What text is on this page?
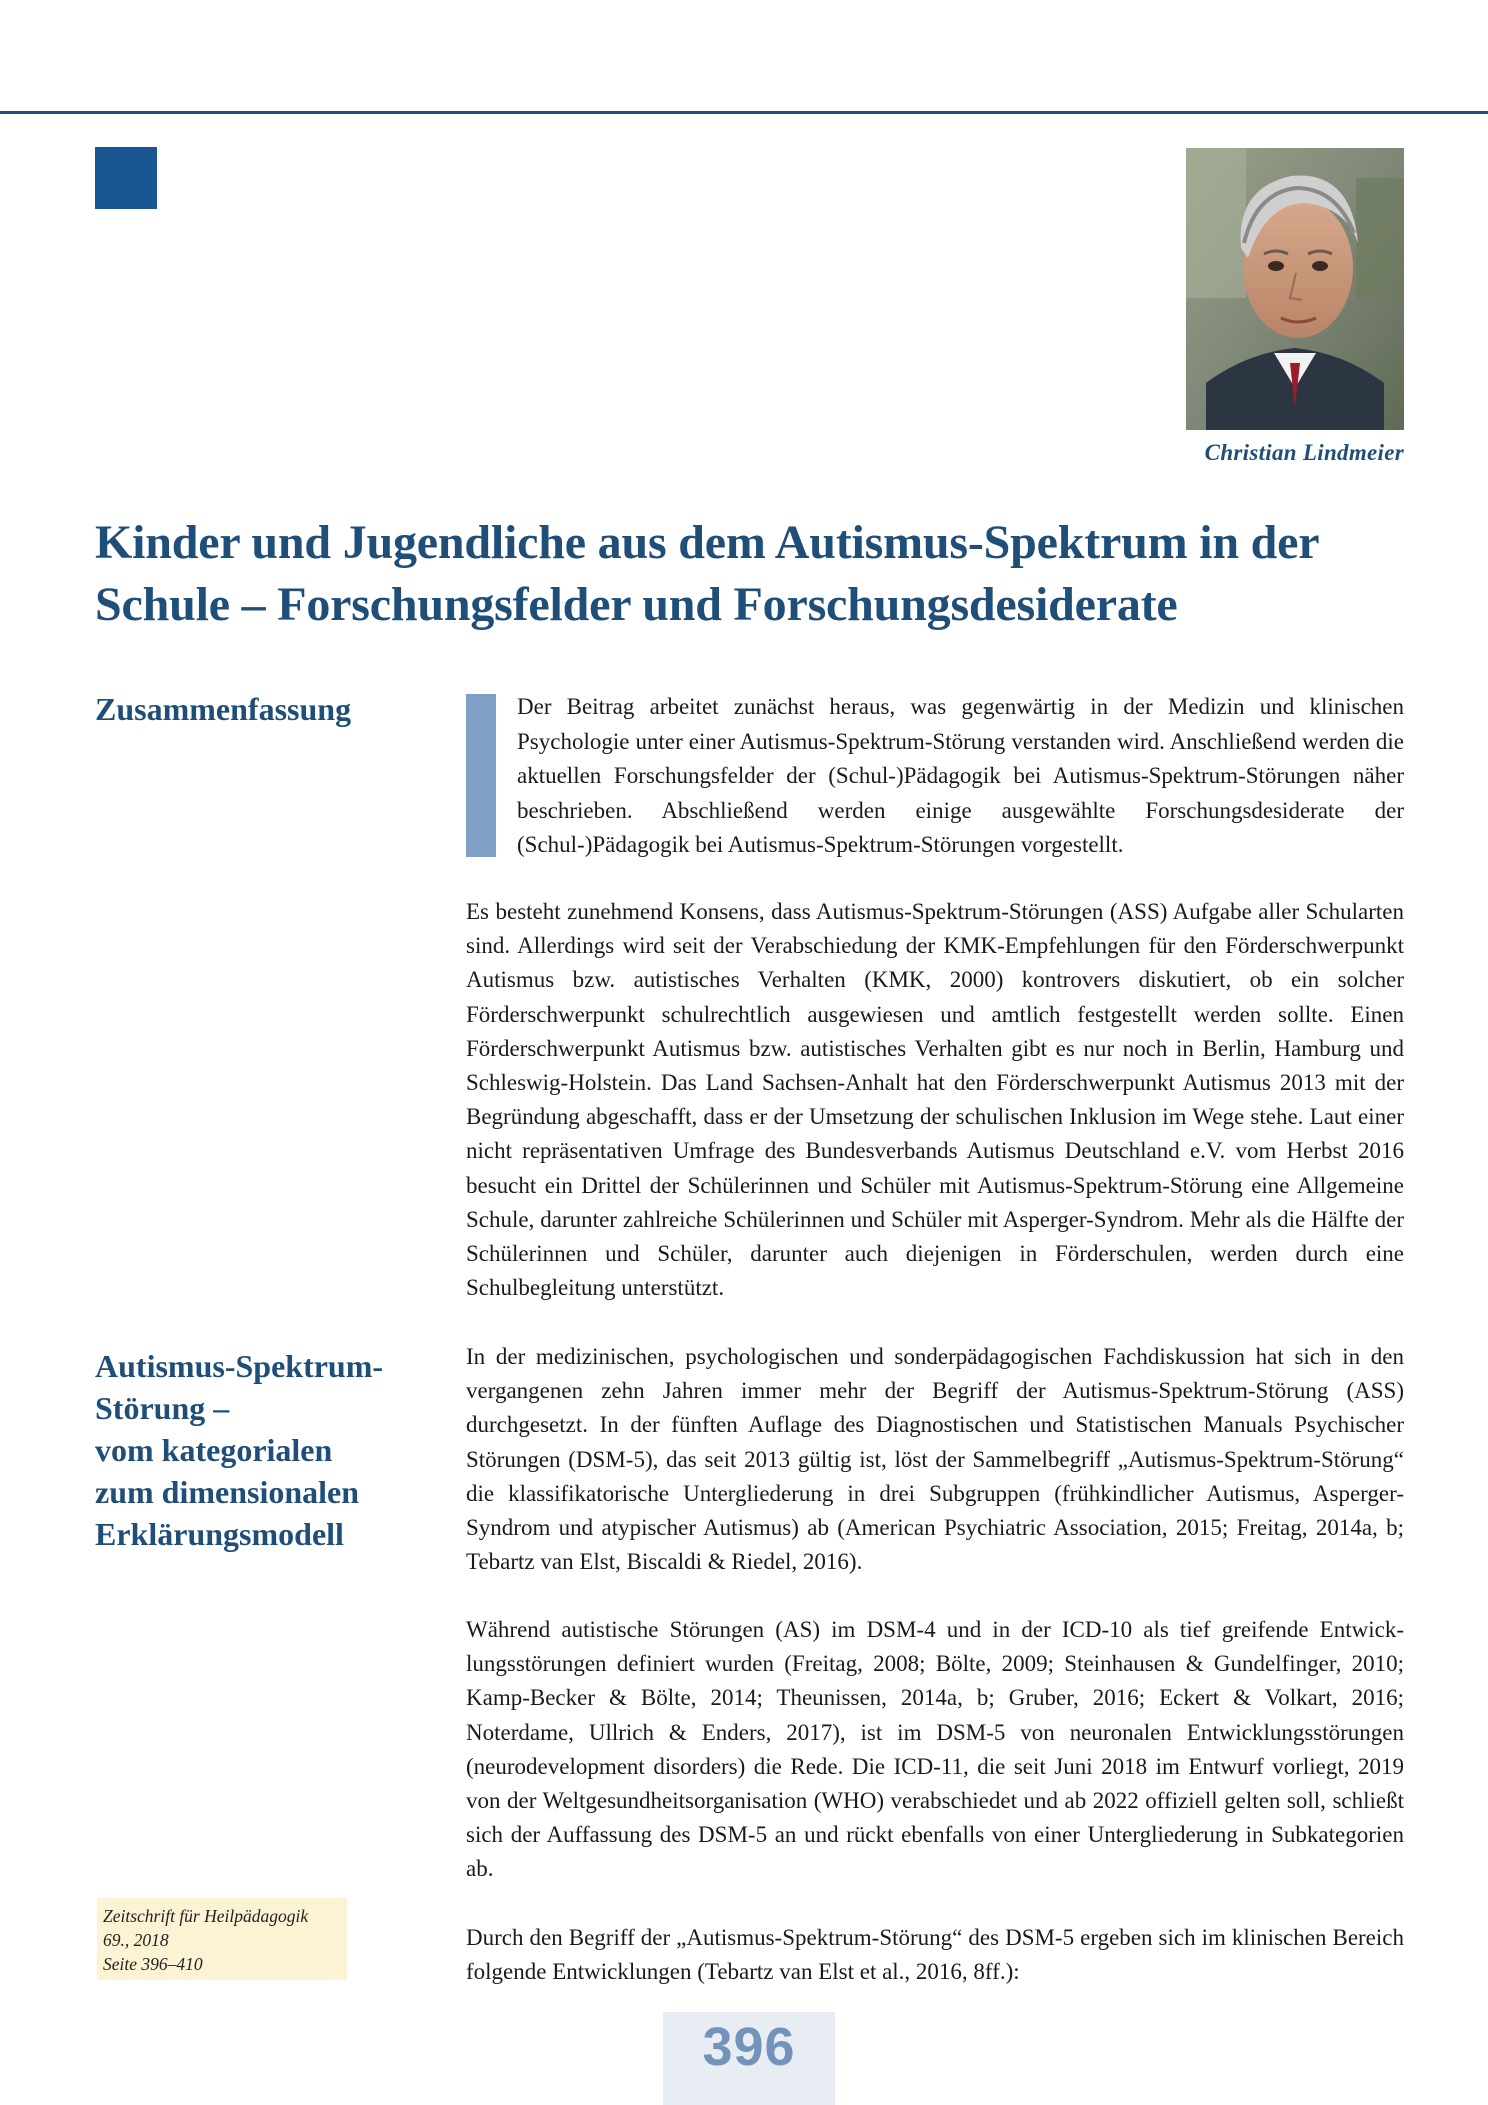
Christian Lindmeier
Kinder und Jugendliche aus dem Autismus-Spektrum in der Schule – Forschungsfelder und Forschungsdesiderate
Zusammenfassung	Der Beitrag arbeitet zunächst heraus, was gegenwärtig in der Medizin und klinischen Psychologie unter einer Autismus-Spektrum-Störung verstanden wird. Anschließend werden die aktuellen Forschungsfelder der (Schul-)Pädagogik bei Autismus-Spektrum-Störungen näher beschrieben. Abschließend werden einige ausgewählte Forschungsdesiderate der (Schul-)Pädagogik bei Autismus-Spektrum-Störungen vorgestellt.

Es besteht zunehmend Konsens, dass Autismus-Spektrum-Störungen (ASS) Aufgabe aller Schularten sind. Allerdings wird seit der Verabschiedung der KMK-Empfehlungen für den Förderschwerpunkt Autismus bzw. autistisches Verhalten (KMK, 2000) kontrovers diskutiert, ob ein solcher Förderschwerpunkt schulrechtlich ausgewiesen und amtlich festgestellt werden sollte. Einen Förderschwerpunkt Autismus bzw. autistisches Verhalten gibt es nur noch in Berlin, Hamburg und Schleswig-Holstein. Das Land Sachsen-Anhalt hat den Förderschwerpunkt Autismus 2013 mit der Begründung abgeschafft, dass er der Umsetzung der schulischen Inklusion im Wege stehe. Laut einer nicht repräsentativen Umfrage des Bundesverbands Autismus Deutschland e.V. vom Herbst 2016 besucht ein Drittel der Schülerinnen und Schüler mit Autismus-Spektrum-Störung eine Allgemeine Schule, darunter zahlreiche Schülerinnen und Schüler mit Asperger-Syndrom. Mehr als die Hälfte der Schülerinnen und Schüler, darunter auch diejenigen in Förderschulen, werden durch eine Schulbegleitung unterstützt.

Autismus-Spektrum-
Störung –
vom kategorialen
zum dimensionalen
Erklärungsmodell

In der medizinischen, psychologischen und sonderpädagogischen Fachdiskussion hat sich in den vergangenen zehn Jahren immer mehr der Begriff der Autismus-Spektrum-Störung (ASS) durchgesetzt. In der fünften Auflage des Diagnostischen und Statistischen Manuals Psychischer Störungen (DSM-5), das seit 2013 gültig ist, löst der Sammelbegriff „Autismus-Spektrum-Störung“ die klassifikatorische Untergliederung in drei Subgruppen (frühkindlicher Autismus, Asperger-Syndrom und atypischer Autismus) ab (American Psychiatric Association, 2015; Freitag, 2014a, b; Tebartz van Elst, Biscaldi & Riedel, 2016).

Während autistische Störungen (AS) im DSM-4 und in der ICD-10 als tief greifende Entwicklungsstörungen definiert wurden (Freitag, 2008; Bölte, 2009; Steinhausen & Gundelfinger, 2010; Kamp-Becker & Bölte, 2014; Theunissen, 2014a, b; Gruber, 2016; Eckert & Volkart, 2016; Noterdame, Ullrich & Enders, 2017), ist im DSM-5 von neuronalen Entwicklungsstörungen (neurodevelopment disorders) die Rede. Die ICD-11, die seit Juni 2018 im Entwurf vorliegt, 2019 von der Weltgesundheitsorganisation (WHO) verabschiedet und ab 2022 offiziell gelten soll, schließt sich der Auffassung des DSM-5 an und rückt ebenfalls von einer Untergliederung in Subkategorien ab.

Durch den Begriff der „Autismus-Spektrum-Störung“ des DSM-5 ergeben sich im klinischen Bereich folgende Entwicklungen (Tebartz van Elst et al., 2016, 8ff.):

Zeitschrift für Heilpädagogik
69., 2018
Seite 396–410
396
